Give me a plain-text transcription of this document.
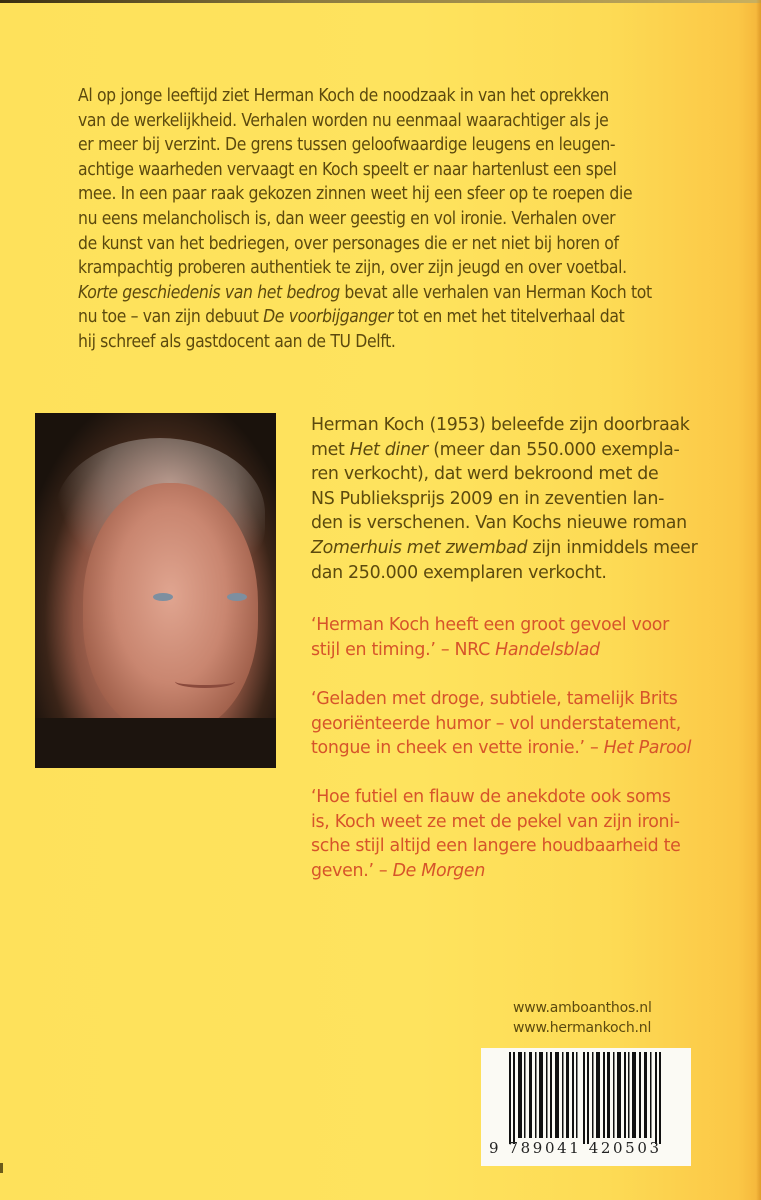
Al op jonge leeftijd ziet Herman Koch de noodzaak in van het oprekken
van de werkelijkheid. Verhalen worden nu eenmaal waarachtiger als je
er meer bij verzint. De grens tussen geloofwaardige leugens en leugen-
achtige waarheden vervaagt en Koch speelt er naar hartenlust een spel
mee. In een paar raak gekozen zinnen weet hij een sfeer op te roepen die
nu eens melancholisch is, dan weer geestig en vol ironie. Verhalen over
de kunst van het bedriegen, over personages die er net niet bij horen of
krampachtig proberen authentiek te zijn, over zijn jeugd en over voetbal.
Korte geschiedenis van het bedrog bevat alle verhalen van Herman Koch tot
nu toe – van zijn debuut De voorbijganger tot en met het titelverhaal dat
hij schreef als gastdocent aan de TU Delft.
Herman Koch (1953) beleefde zijn doorbraak
met Het diner (meer dan 550.000 exempla-
ren verkocht), dat werd bekroond met de
NS Publieksprijs 2009 en in zeventien lan-
den is verschenen. Van Kochs nieuwe roman
Zomerhuis met zwembad zijn inmiddels meer
dan 250.000 exemplaren verkocht.
‘Herman Koch heeft een groot gevoel voor
stijl en timing.’ – NRC Handelsblad
‘Geladen met droge, subtiele, tamelijk Brits
georiënteerde humor – vol understatement,
tongue in cheek en vette ironie.’ – Het Parool
‘Hoe futiel en flauw de anekdote ook soms
is, Koch weet ze met de pekel van zijn ironi-
sche stijl altijd een langere houdbaarheid te
geven.’ – De Morgen
www.amboanthos.nl
www.hermankoch.nl
9 789041 420503
